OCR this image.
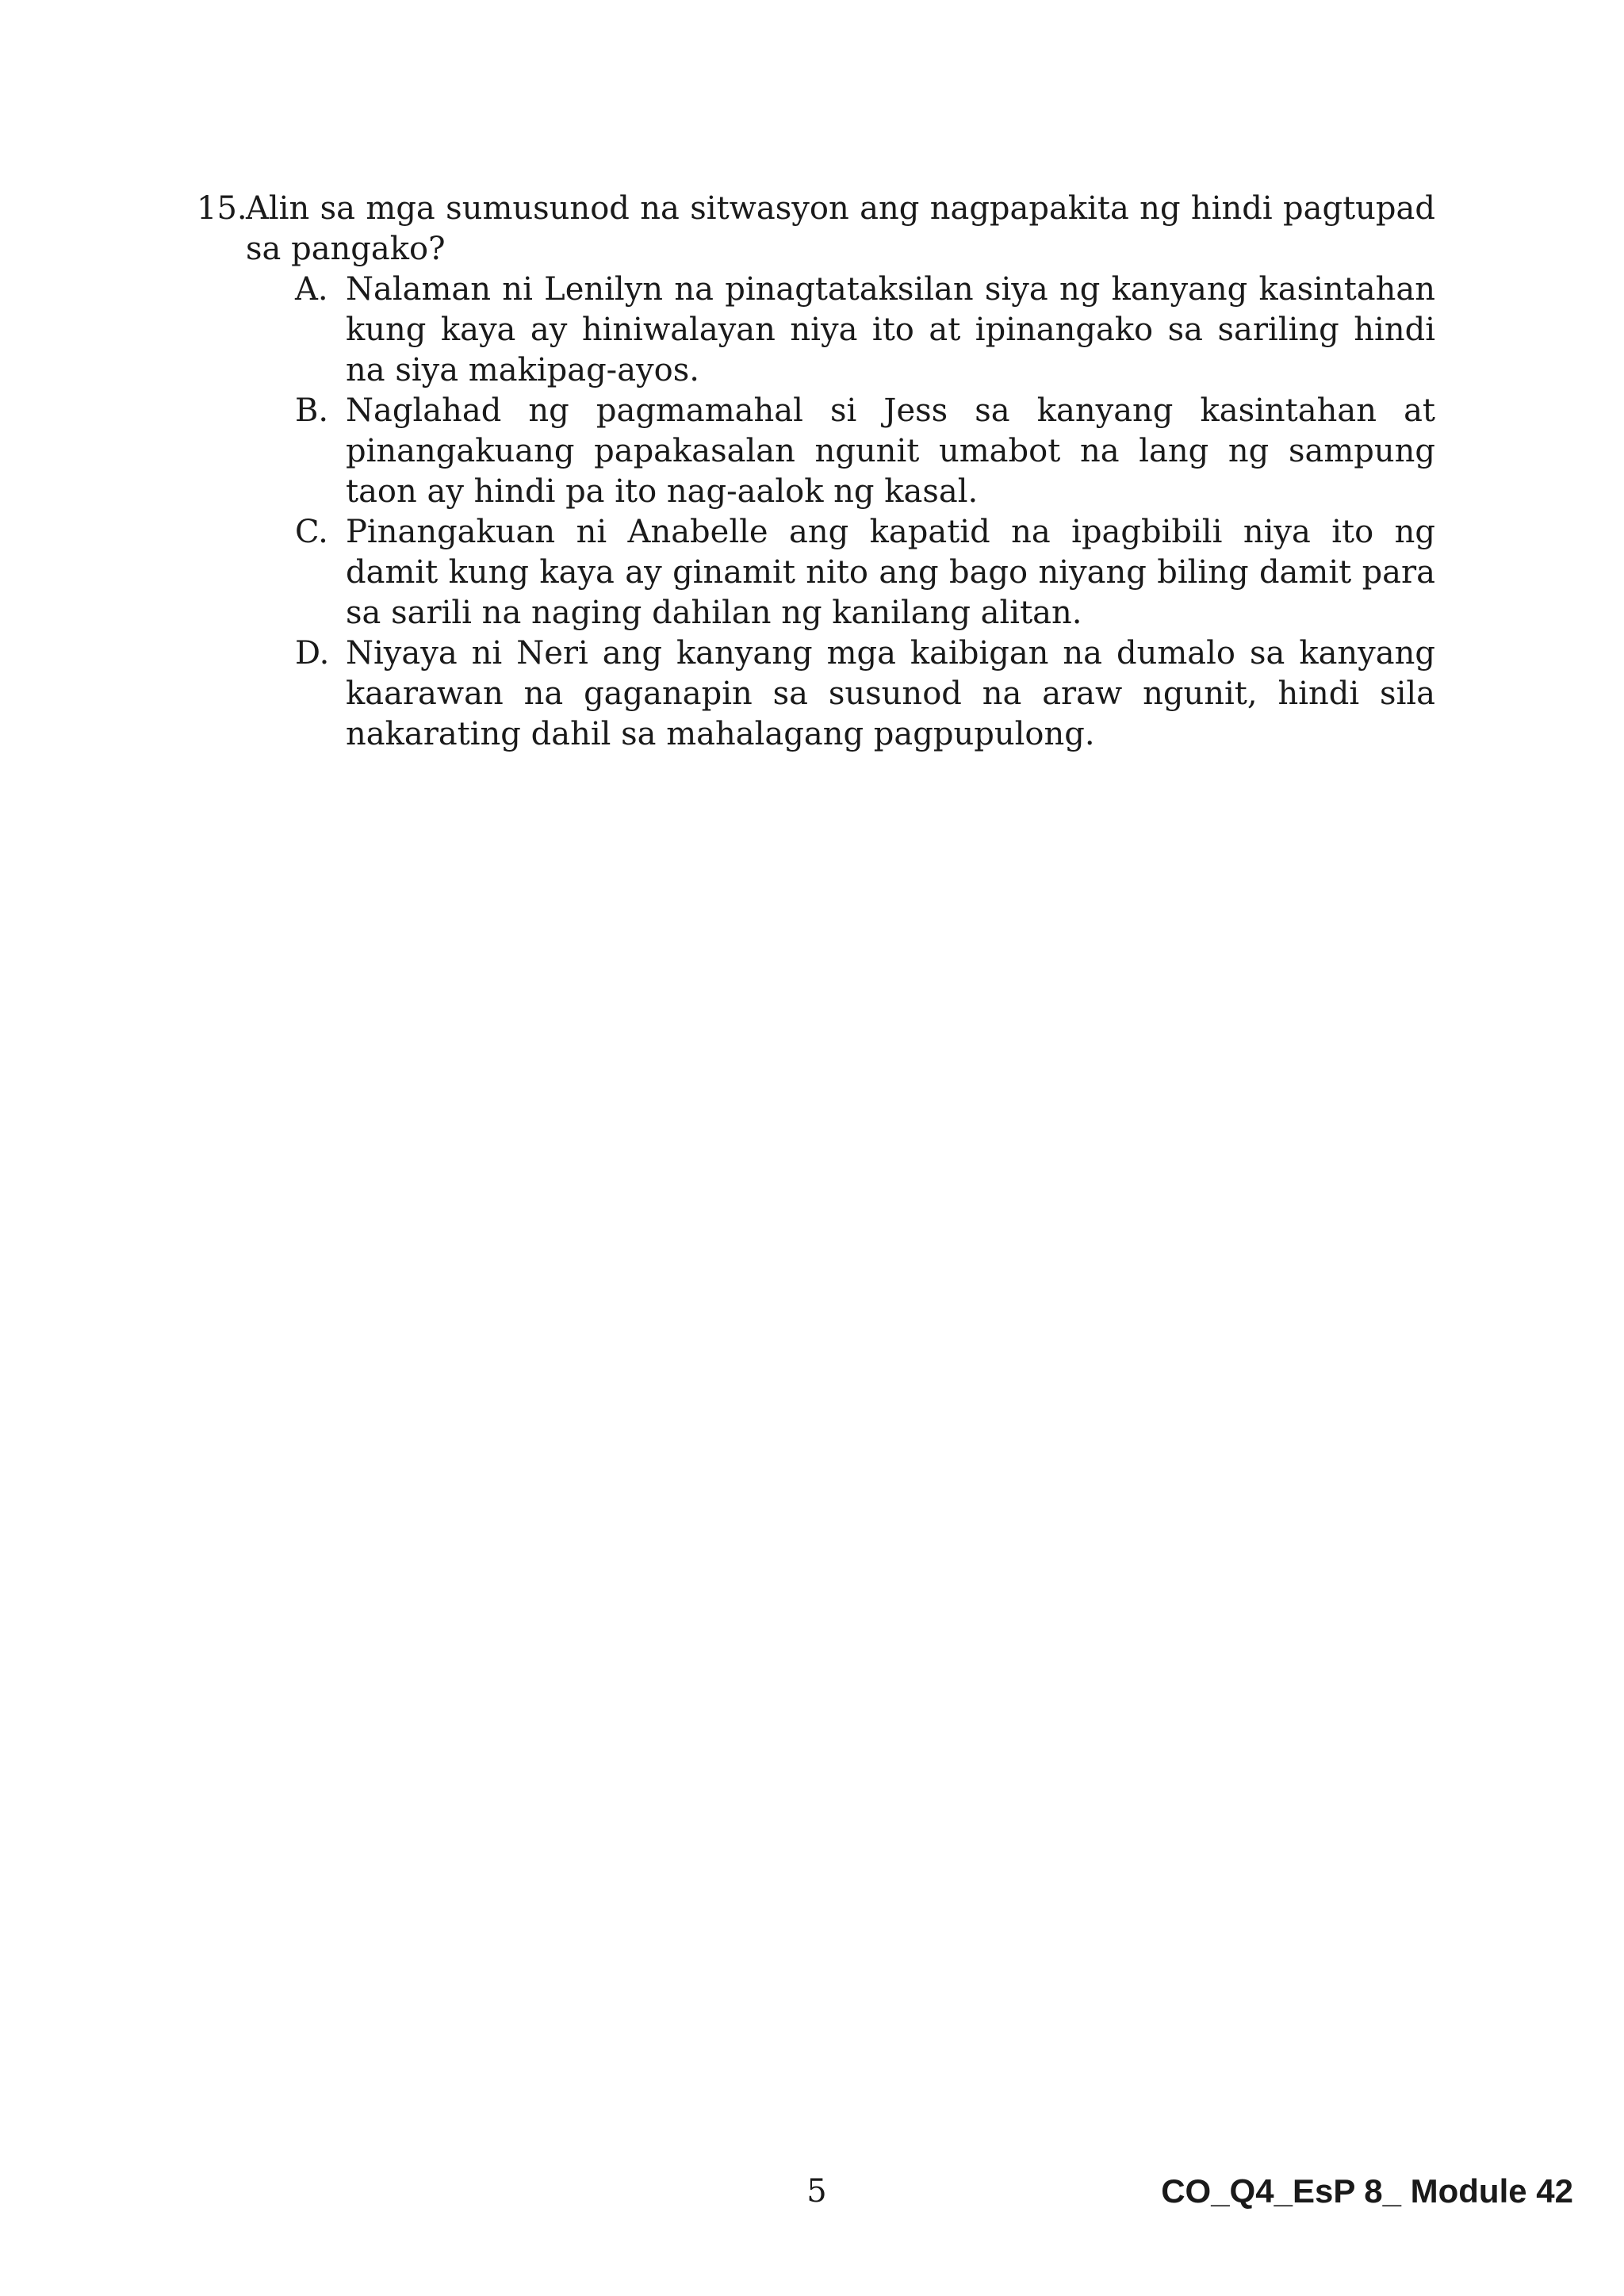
15.
Alin sa mga sumusunod na sitwasyon ang nagpapakita ng hindi pagtupad sa pangako?
A. Nalaman ni Lenilyn na pinagtataksilan siya ng kanyang kasintahan kung kaya ay hiniwalayan niya ito at ipinangako sa sariling hindi na siya makipag-ayos.
B. Naglahad ng pagmamahal si Jess sa kanyang kasintahan at pinangakuang papakasalan ngunit umabot na lang ng sampung taon ay hindi pa ito nag-aalok ng kasal.
C. Pinangakuan ni Anabelle ang kapatid na ipagbibili niya ito ng damit kung kaya ay ginamit nito ang bago niyang biling damit para sa sarili na naging dahilan ng kanilang alitan.
D. Niyaya ni Neri ang kanyang mga kaibigan na dumalo sa kanyang kaarawan na gaganapin sa susunod na araw ngunit, hindi sila nakarating dahil sa mahalagang pagpupulong.
5	CO_Q4_EsP 8_ Module 42
